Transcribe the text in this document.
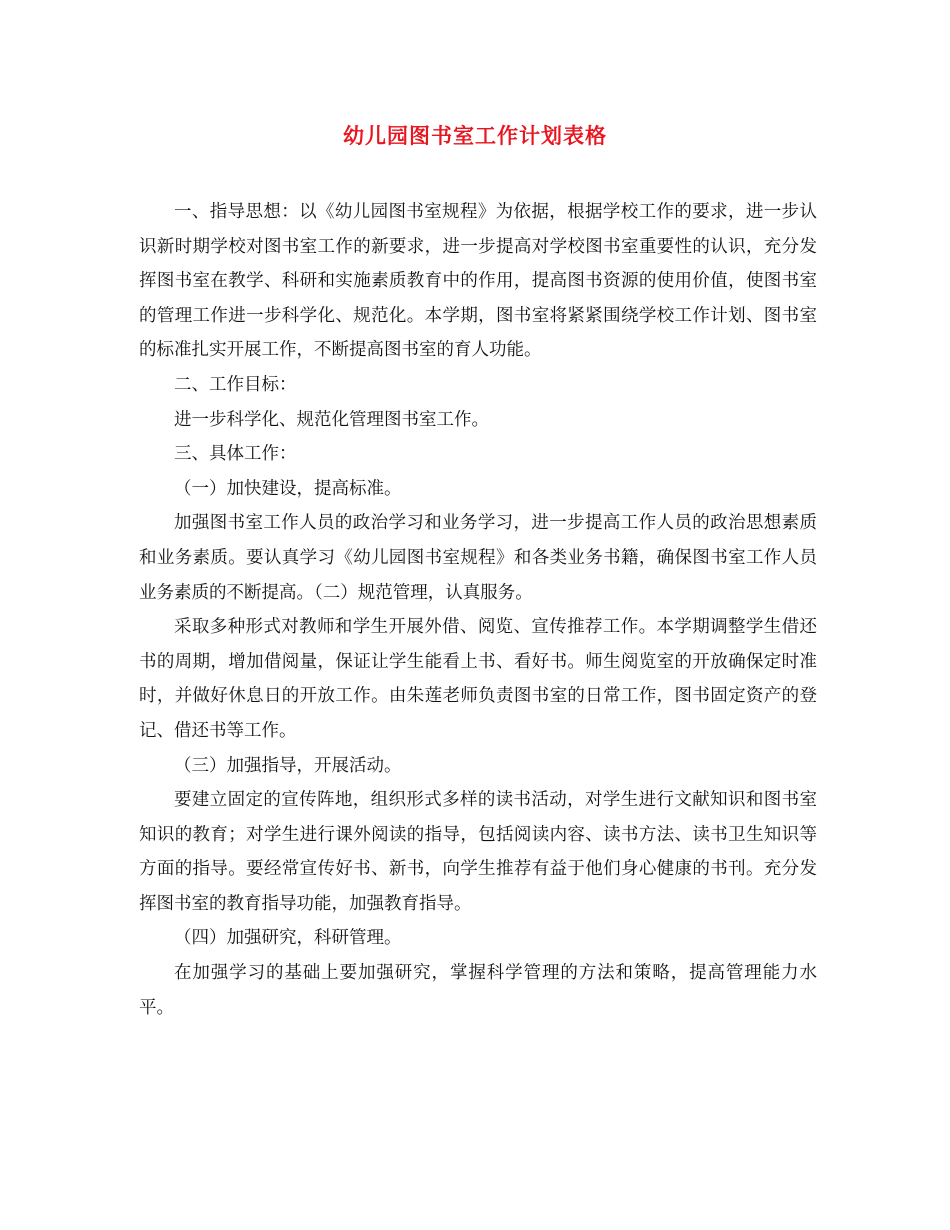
幼儿园图书室工作计划表格

一、指导思想：以《幼儿园图书室规程》为依据，根据学校工作的要求，进一步认识新时期学校对图书室工作的新要求，进一步提高对学校图书室重要性的认识，充分发挥图书室在教学、科研和实施素质教育中的作用，提高图书资源的使用价值，使图书室的管理工作进一步科学化、规范化。本学期，图书室将紧紧围绕学校工作计划、图书室的标准扎实开展工作，不断提高图书室的育人功能。

二、工作目标：

进一步科学化、规范化管理图书室工作。

三、具体工作：

（一）加快建设，提高标准。

加强图书室工作人员的政治学习和业务学习，进一步提高工作人员的政治思想素质和业务素质。要认真学习《幼儿园图书室规程》和各类业务书籍，确保图书室工作人员业务素质的不断提高。（二）规范管理，认真服务。

采取多种形式对教师和学生开展外借、阅览、宣传推荐工作。本学期调整学生借还书的周期，增加借阅量，保证让学生能看上书、看好书。师生阅览室的开放确保定时准时，并做好休息日的开放工作。由朱莲老师负责图书室的日常工作，图书固定资产的登记、借还书等工作。

（三）加强指导，开展活动。

要建立固定的宣传阵地，组织形式多样的读书活动，对学生进行文献知识和图书室知识的教育；对学生进行课外阅读的指导，包括阅读内容、读书方法、读书卫生知识等方面的指导。要经常宣传好书、新书，向学生推荐有益于他们身心健康的书刊。充分发挥图书室的教育指导功能，加强教育指导。

（四）加强研究，科研管理。

在加强学习的基础上要加强研究，掌握科学管理的方法和策略，提高管理能力水平。
